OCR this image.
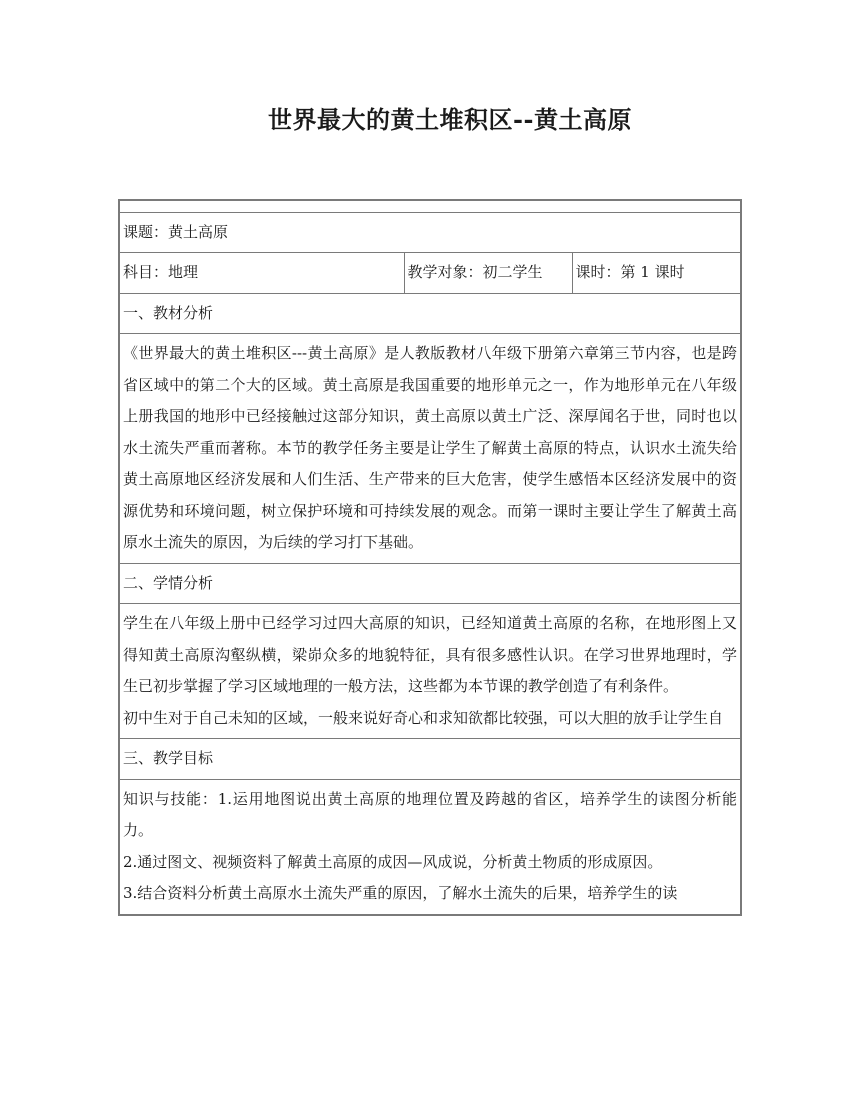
世界最大的黄土堆积区--黄土高原

课题：黄土高原
科目：地理	教学对象：初二学生	课时：第 1 课时
一、教材分析

《世界最大的黄土堆积区---黄土高原》是人教版教材八年级下册第六章第三节内容，也是跨省区域中的第二个大的区域。黄土高原是我国重要的地形单元之一，作为地形单元在八年级上册我国的地形中已经接触过这部分知识，黄土高原以黄土广泛、深厚闻名于世，同时也以水土流失严重而著称。本节的教学任务主要是让学生了解黄土高原的特点，认识水土流失给黄土高原地区经济发展和人们生活、生产带来的巨大危害，使学生感悟本区经济发展中的资源优势和环境问题，树立保护环境和可持续发展的观念。而第一课时主要让学生了解黄土高原水土流失的原因，为后续的学习打下基础。

二、学情分析

学生在八年级上册中已经学习过四大高原的知识，已经知道黄土高原的名称，在地形图上又得知黄土高原沟壑纵横，梁峁众多的地貌特征，具有很多感性认识。在学习世界地理时，学生已初步掌握了学习区域地理的一般方法，这些都为本节课的教学创造了有利条件。

初中生对于自己未知的区域，一般来说好奇心和求知欲都比较强，可以大胆的放手让学生自

三、教学目标

知识与技能：1.运用地图说出黄土高原的地理位置及跨越的省区，培养学生的读图分析能力。

2.通过图文、视频资料了解黄土高原的成因—风成说，分析黄土物质的形成原因。

3.结合资料分析黄土高原水土流失严重的原因，了解水土流失的后果，培养学生的读
